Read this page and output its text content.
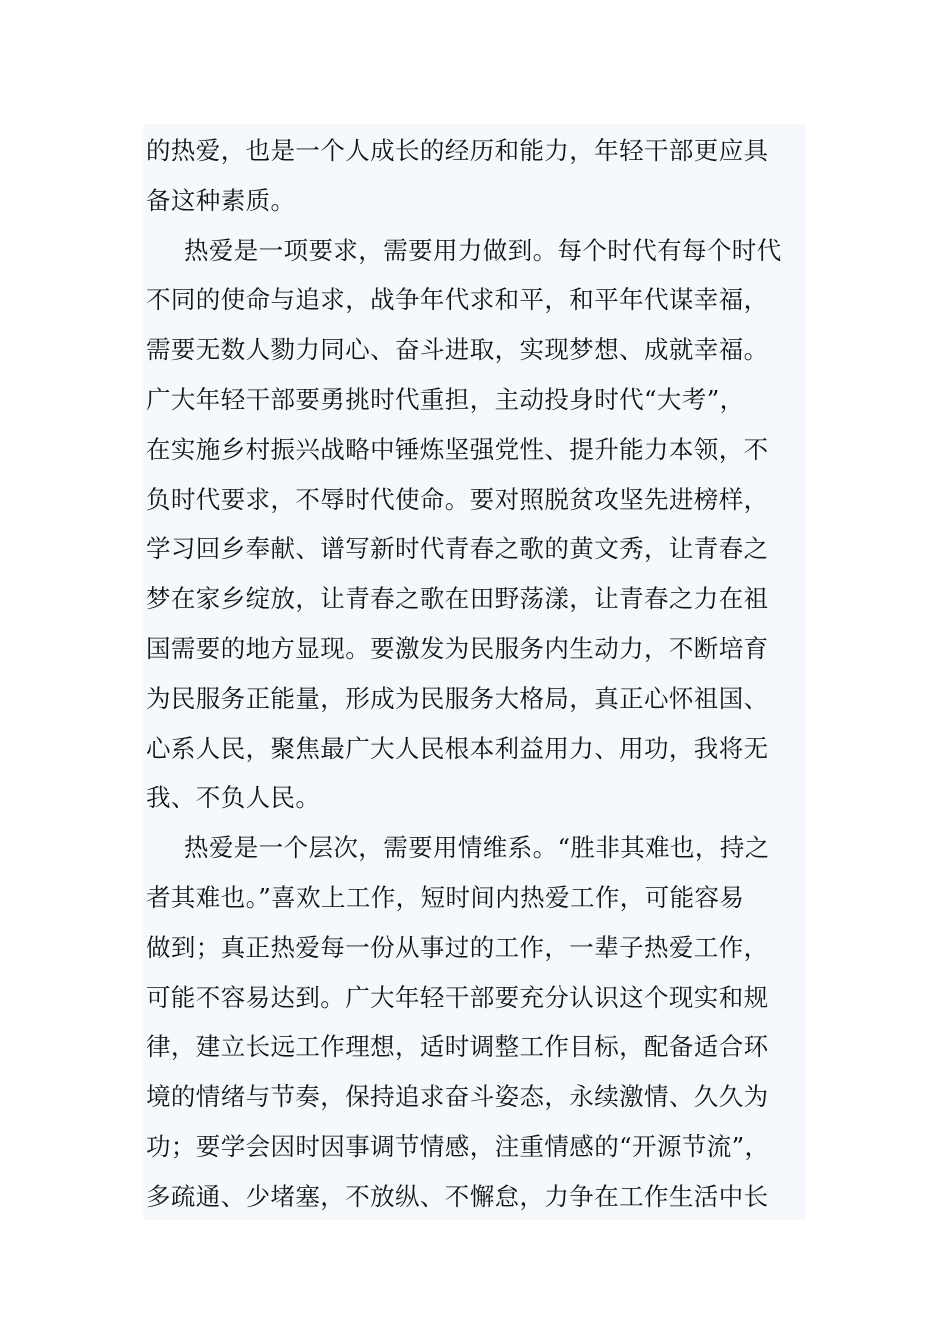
的热爱，也是一个人成长的经历和能力，年轻干部更应具
备这种素质。
热爱是一项要求，需要用力做到。每个时代有每个时代
不同的使命与追求，战争年代求和平，和平年代谋幸福，
需要无数人勠力同心、奋斗进取，实现梦想、成就幸福。
广大年轻干部要勇挑时代重担，主动投身时代“大考”，
在实施乡村振兴战略中锤炼坚强党性、提升能力本领，不
负时代要求，不辱时代使命。要对照脱贫攻坚先进榜样，
学习回乡奉献、谱写新时代青春之歌的黄文秀，让青春之
梦在家乡绽放，让青春之歌在田野荡漾，让青春之力在祖
国需要的地方显现。要激发为民服务内生动力，不断培育
为民服务正能量，形成为民服务大格局，真正心怀祖国、
心系人民，聚焦最广大人民根本利益用力、用功，我将无
我、不负人民。
热爱是一个层次，需要用情维系。“胜非其难也，持之
者其难也。”喜欢上工作，短时间内热爱工作，可能容易
做到；真正热爱每一份从事过的工作，一辈子热爱工作，
可能不容易达到。广大年轻干部要充分认识这个现实和规
律，建立长远工作理想，适时调整工作目标，配备适合环
境的情绪与节奏，保持追求奋斗姿态，永续激情、久久为
功；要学会因时因事调节情感，注重情感的“开源节流”，
多疏通、少堵塞，不放纵、不懈怠，力争在工作生活中长
